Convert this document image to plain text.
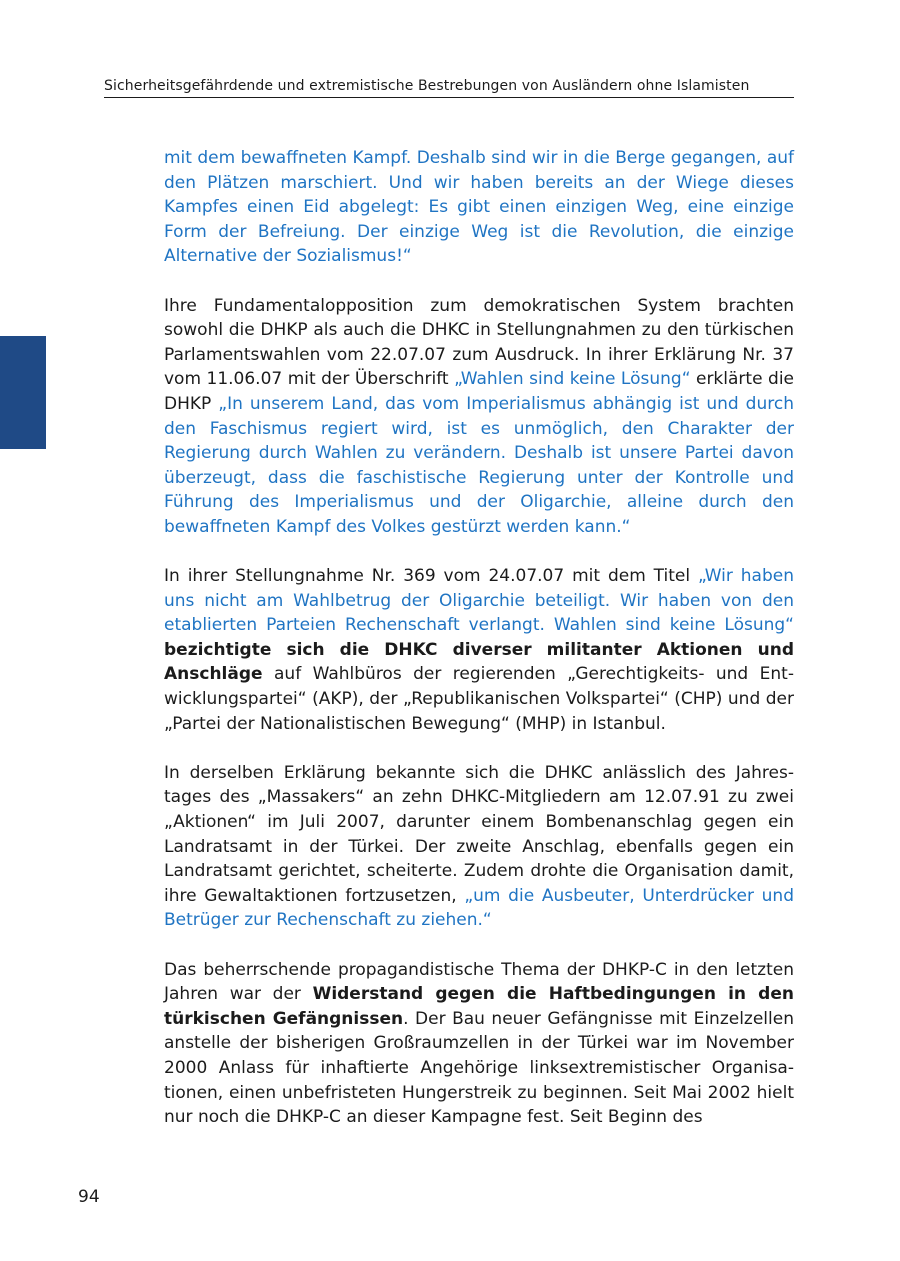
Sicherheitsgefährdende und extremistische Bestrebungen von Ausländern ohne Islamisten

mit dem bewaffneten Kampf. Deshalb sind wir in die Berge gegangen, auf den Plätzen marschiert. Und wir haben bereits an der Wiege dieses Kampfes einen Eid abgelegt: Es gibt einen einzigen Weg, eine einzige Form der Befreiung. Der einzige Weg ist die Revolution, die einzige Alternative der Sozialismus!“

Ihre Fundamentalopposition zum demokratischen System brachten sowohl die DHKP als auch die DHKC in Stellungnahmen zu den türkischen Parlamentswahlen vom 22.07.07 zum Ausdruck. In ihrer Erklärung Nr. 37 vom 11.06.07 mit der Überschrift „Wahlen sind keine Lösung“ erklärte die DHKP „In unserem Land, das vom Imperialismus abhängig ist und durch den Faschismus regiert wird, ist es unmöglich, den Charakter der Regierung durch Wahlen zu verändern. Deshalb ist unsere Partei davon überzeugt, dass die faschistische Regierung unter der Kontrolle und Führung des Imperialismus und der Oligarchie, alleine durch den bewaffneten Kampf des Volkes gestürzt werden kann.“

In ihrer Stellungnahme Nr. 369 vom 24.07.07 mit dem Titel „Wir haben uns nicht am Wahlbetrug der Oligarchie beteiligt. Wir haben von den etablierten Parteien Rechenschaft verlangt. Wahlen sind keine Lösung“ bezichtigte sich die DHKC diverser militanter Aktionen und Anschläge auf Wahlbüros der regierenden „Gerechtigkeits- und Entwicklungspartei“ (AKP), der „Republikanischen Volkspartei“ (CHP) und der „Partei der Nationalistischen Bewegung“ (MHP) in Istanbul.

In derselben Erklärung bekannte sich die DHKC anlässlich des Jahrestages des „Massakers“ an zehn DHKC-Mitgliedern am 12.07.91 zu zwei „Aktionen“ im Juli 2007, darunter einem Bombenanschlag gegen ein Landratsamt in der Türkei. Der zweite Anschlag, ebenfalls gegen ein Landratsamt gerichtet, scheiterte. Zudem drohte die Organisation damit, ihre Gewaltaktionen fortzusetzen, „um die Ausbeuter, Unterdrücker und Betrüger zur Rechenschaft zu ziehen.“

Das beherrschende propagandistische Thema der DHKP-C in den letzten Jahren war der Widerstand gegen die Haftbedingungen in den türkischen Gefängnissen. Der Bau neuer Gefängnisse mit Einzelzellen anstelle der bisherigen Großraumzellen in der Türkei war im November 2000 Anlass für inhaftierte Angehörige linksextremistischer Organisationen, einen unbefristeten Hungerstreik zu beginnen. Seit Mai 2002 hielt nur noch die DHKP-C an dieser Kampagne fest. Seit Beginn des

94
